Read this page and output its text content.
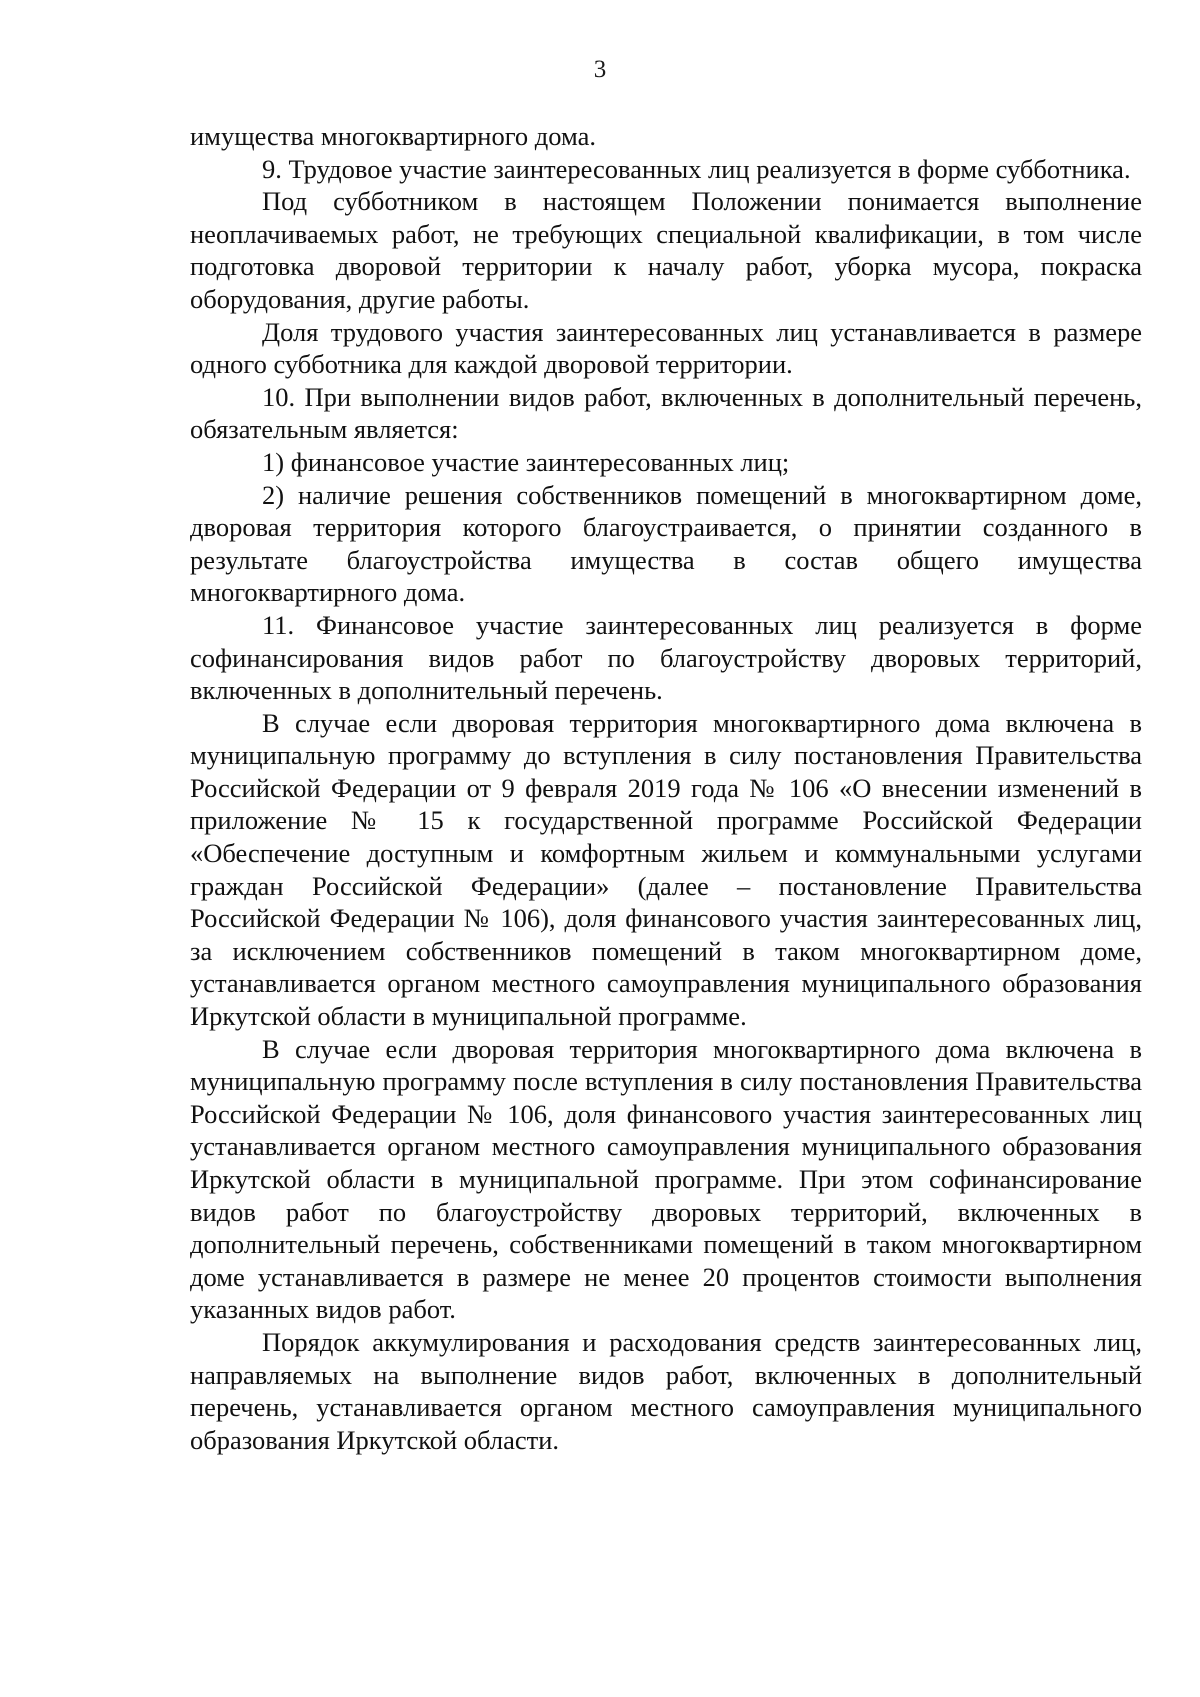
3

имущества многоквартирного дома.

9. Трудовое участие заинтересованных лиц реализуется в форме субботника.

Под субботником в настоящем Положении понимается выполнение неоплачиваемых работ, не требующих специальной квалификации, в том числе подготовка дворовой территории к началу работ, уборка мусора, покраска оборудования, другие работы.

Доля трудового участия заинтересованных лиц устанавливается в размере одного субботника для каждой дворовой территории.

10. При выполнении видов работ, включенных в дополнительный перечень, обязательным является:

1) финансовое участие заинтересованных лиц;

2) наличие решения собственников помещений в многоквартирном доме, дворовая территория которого благоустраивается, о принятии созданного в результате благоустройства имущества в состав общего имущества многоквартирного дома.

11. Финансовое участие заинтересованных лиц реализуется в форме софинансирования видов работ по благоустройству дворовых территорий, включенных в дополнительный перечень.

В случае если дворовая территория многоквартирного дома включена в муниципальную программу до вступления в силу постановления Правительства Российской Федерации от 9 февраля 2019 года № 106 «О внесении изменений в приложение № 15 к государственной программе Российской Федерации «Обеспечение доступным и комфортным жильем и коммунальными услугами граждан Российской Федерации» (далее – постановление Правительства Российской Федерации № 106), доля финансового участия заинтересованных лиц, за исключением собственников помещений в таком многоквартирном доме, устанавливается органом местного самоуправления муниципального образования Иркутской области в муниципальной программе.

В случае если дворовая территория многоквартирного дома включена в муниципальную программу после вступления в силу постановления Правительства Российской Федерации № 106, доля финансового участия заинтересованных лиц устанавливается органом местного самоуправления муниципального образования Иркутской области в муниципальной программе. При этом софинансирование видов работ по благоустройству дворовых территорий, включенных в дополнительный перечень, собственниками помещений в таком многоквартирном доме устанавливается в размере не менее 20 процентов стоимости выполнения указанных видов работ.

Порядок аккумулирования и расходования средств заинтересованных лиц, направляемых на выполнение видов работ, включенных в дополнительный перечень, устанавливается органом местного самоуправления муниципального образования Иркутской области.
